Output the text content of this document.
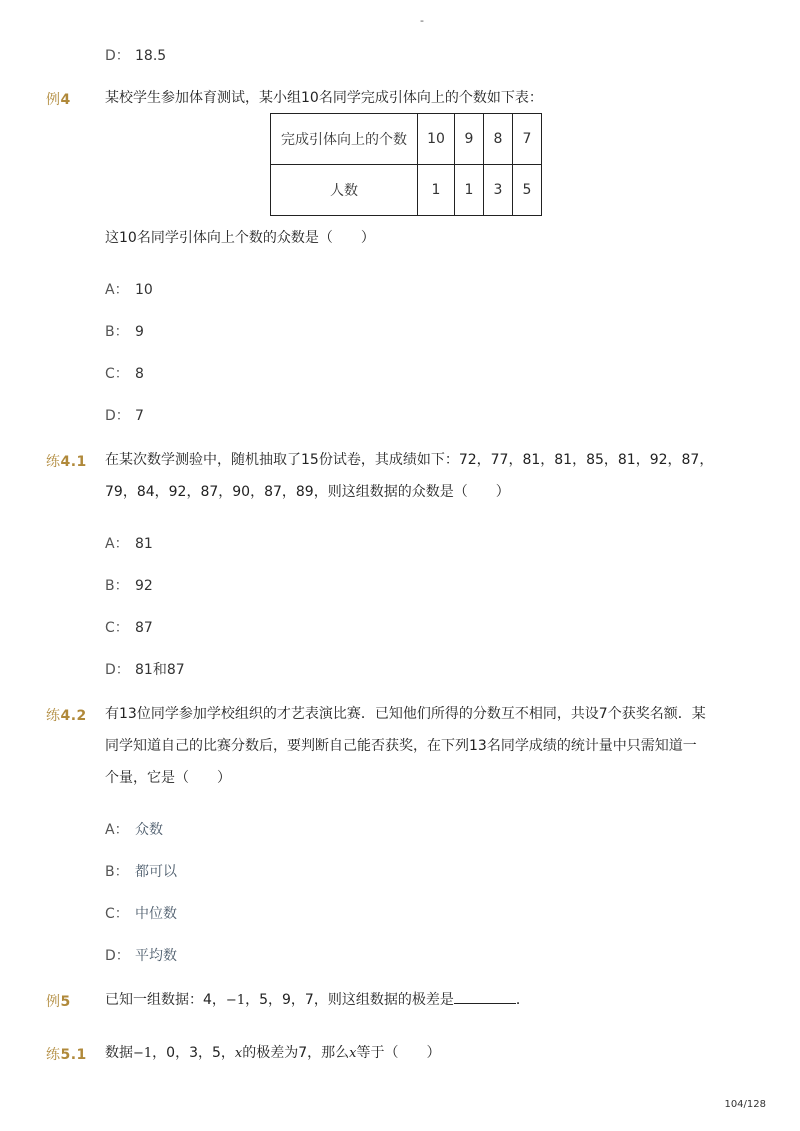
-
D： 18.5
例4 某校学生参加体育测试，某小组10名同学完成引体向上的个数如下表：
完成引体向上的个数	10	9	8	7
人数	1	1	3	5
这10名同学引体向上个数的众数是（　　）
A： 10
B： 9
C： 8
D： 7
练4.1 在某次数学测验中，随机抽取了15份试卷，其成绩如下：72，77，81，81，85，81，92，87，
79，84，92，87，90，87，89，则这组数据的众数是（　　）
A： 81
B： 92
C： 87
D： 81和87
练4.2 有13位同学参加学校组织的才艺表演比赛．已知他们所得的分数互不相同，共设7个获奖名额．某
同学知道自己的比赛分数后，要判断自己能否获奖，在下列13名同学成绩的统计量中只需知道一
个量，它是（　　）
A： 众数
B： 都可以
C： 中位数
D： 平均数
例5 已知一组数据：4，−1，5，9，7，则这组数据的极差是	．
练5.1 数据−1，0，3，5，x的极差为7，那么x等于（　　）
104/128
